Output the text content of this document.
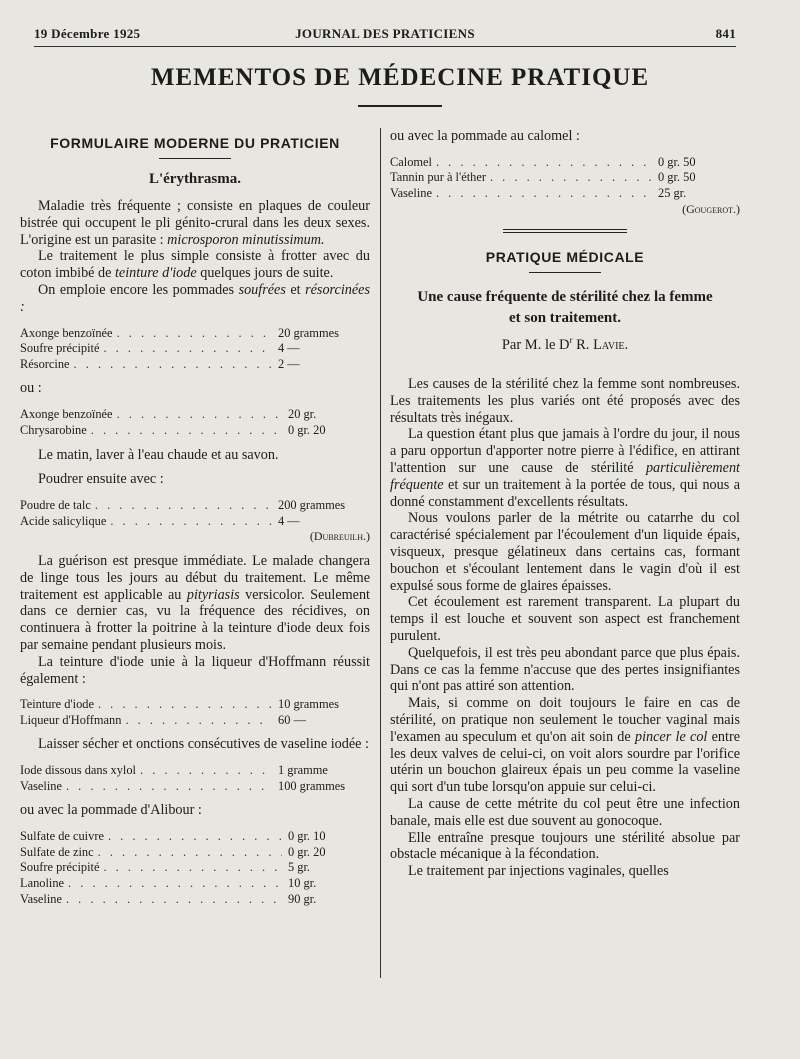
19 Décembre 1925	JOURNAL DES PRATICIENS	841
MEMENTOS DE MÉDECINE PRATIQUE
FORMULAIRE MODERNE DU PRATICIEN
L'érythrasma.

Maladie très fréquente ; consiste en plaques de couleur bistrée qui occupent le pli génito-crural dans les deux sexes. L'origine est un parasite : microsporon minutissimum.

Le traitement le plus simple consiste à frotter avec du coton imbibé de teinture d'iode quelques jours de suite.

On emploie encore les pommades soufrées et résorcinées :

Axonge benzoïnée . . .	20 grammes
Soufre précipité . . .	4 —
Résorcine . . .	2 —
ou :
Axonge benzoïnée . . .	20 gr.
Chrysarobine . . .	0 gr. 20

Le matin, laver à l'eau chaude et au savon.

Poudrer ensuite avec :

Poudre de talc . . .	200 grammes
Acide salicylique . . .	4 —
(Dubreuilh.)

La guérison est presque immédiate. Le malade changera de linge tous les jours au début du traitement. Le même traitement est applicable au pityriasis versicolor. Seulement dans ce dernier cas, vu la fréquence des récidives, on continuera à frotter la poitrine à la teinture d'iode deux fois par semaine pendant plusieurs mois.

La teinture d'iode unie à la liqueur d'Hoffmann réussit également :

Teinture d'iode . . .	10 grammes
Liqueur d'Hoffmann . . .	60 —

Laisser sécher et onctions consécutives de vaseline iodée :

Iode dissous dans xylol . . .	1 gramme
Vaseline . . .	100 grammes

ou avec la pommade d'Alibour :

Sulfate de cuivre . . .	0 gr. 10
Sulfate de zinc . . .	0 gr. 20
Soufre précipité . . .	5 gr.
Lanoline . . .	10 gr.
Vaseline . . .	90 gr.

ou avec la pommade au calomel :

Calomel . . .	0 gr. 50
Tannin pur à l'éther . . .	0 gr. 50
Vaseline . . .	25 gr.
(Gougerot.)
PRATIQUE MÉDICALE
Une cause fréquente de stérilité chez la femme
et son traitement.
Par M. le $D^r$ R. Lavie.

Les causes de la stérilité chez la femme sont nombreuses. Les traitements les plus variés ont été proposés avec des résultats très inégaux.

La question étant plus que jamais à l'ordre du jour, il nous a paru opportun d'apporter notre pierre à l'édifice, en attirant l'attention sur une cause de stérilité particulièrement fréquente et sur un traitement à la portée de tous, qui nous a donné constamment d'excellents résultats.

Nous voulons parler de la métrite ou catarrhe du col caractérisé spécialement par l'écoulement d'un liquide épais, visqueux, presque gélatineux dans certains cas, formant bouchon et s'écoulant lentement dans le vagin d'où il est expulsé sous forme de glaires épaisses.

Cet écoulement est rarement transparent. La plupart du temps il est louche et souvent son aspect est franchement purulent.

Quelquefois, il est très peu abondant parce que plus épais. Dans ce cas la femme n'accuse que des pertes insignifiantes qui n'ont pas attiré son attention.

Mais, si comme on doit toujours le faire en cas de stérilité, on pratique non seulement le toucher vaginal mais l'examen au speculum et qu'on ait soin de pincer le col entre les deux valves de celui-ci, on voit alors sourdre par l'orifice utérin un bouchon glaireux épais un peu comme la vaseline qui sort d'un tube lorsqu'on appuie sur celui-ci.

La cause de cette métrite du col peut être une infection banale, mais elle est due souvent au gonocoque.

Elle entraîne presque toujours une stérilité absolue par obstacle mécanique à la fécondation.

Le traitement par injections vaginales, quelles
